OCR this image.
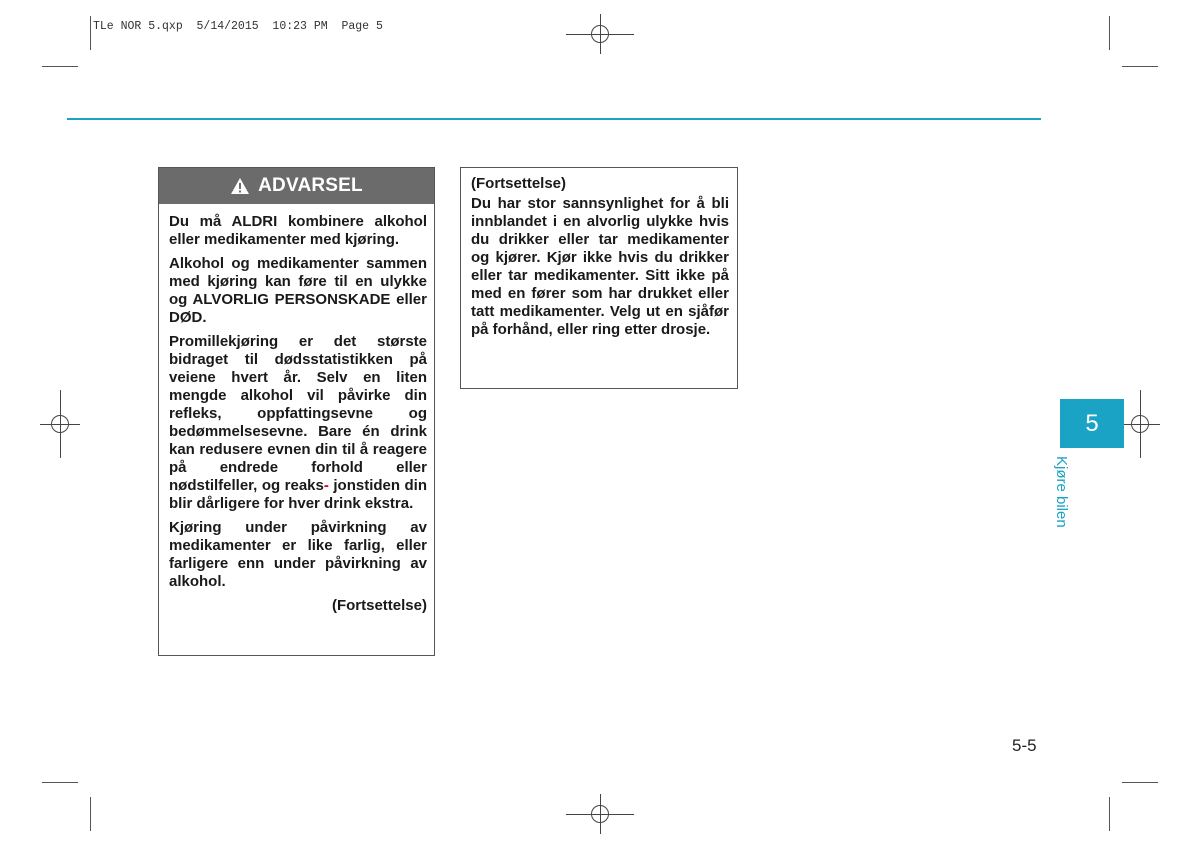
TLe NOR 5.qxp  5/14/2015  10:23 PM  Page 5
ADVARSEL

Du må ALDRI kombinere alkohol eller medikamenter med kjøring.

Alkohol og medikamenter sammen med kjøring kan føre til en ulykke og ALVORLIG PERSONSKADE eller DØD.

Promillekjøring er det største bidraget til dødsstatistikken på veiene hvert år. Selv en liten mengde alkohol vil påvirke din refleks, oppfattingsevne og bedømmelsesevne. Bare én drink kan redusere evnen din til å reagere på endrede forhold eller nødstilfeller, og reaks- jonstiden din blir dårligere for hver drink ekstra.

Kjøring under påvirkning av medikamenter er like farlig, eller farligere enn under påvirkning av alkohol.

(Fortsettelse)

(Fortsettelse)

Du har stor sannsynlighet for å bli innblandet i en alvorlig ulykke hvis du drikker eller tar medikamenter og kjører. Kjør ikke hvis du drikker eller tar medikamenter. Sitt ikke på med en fører som har drukket eller tatt medikamenter. Velg ut en sjåfør på forhånd, eller ring etter drosje.

5
Kjøre bilen
5-5
